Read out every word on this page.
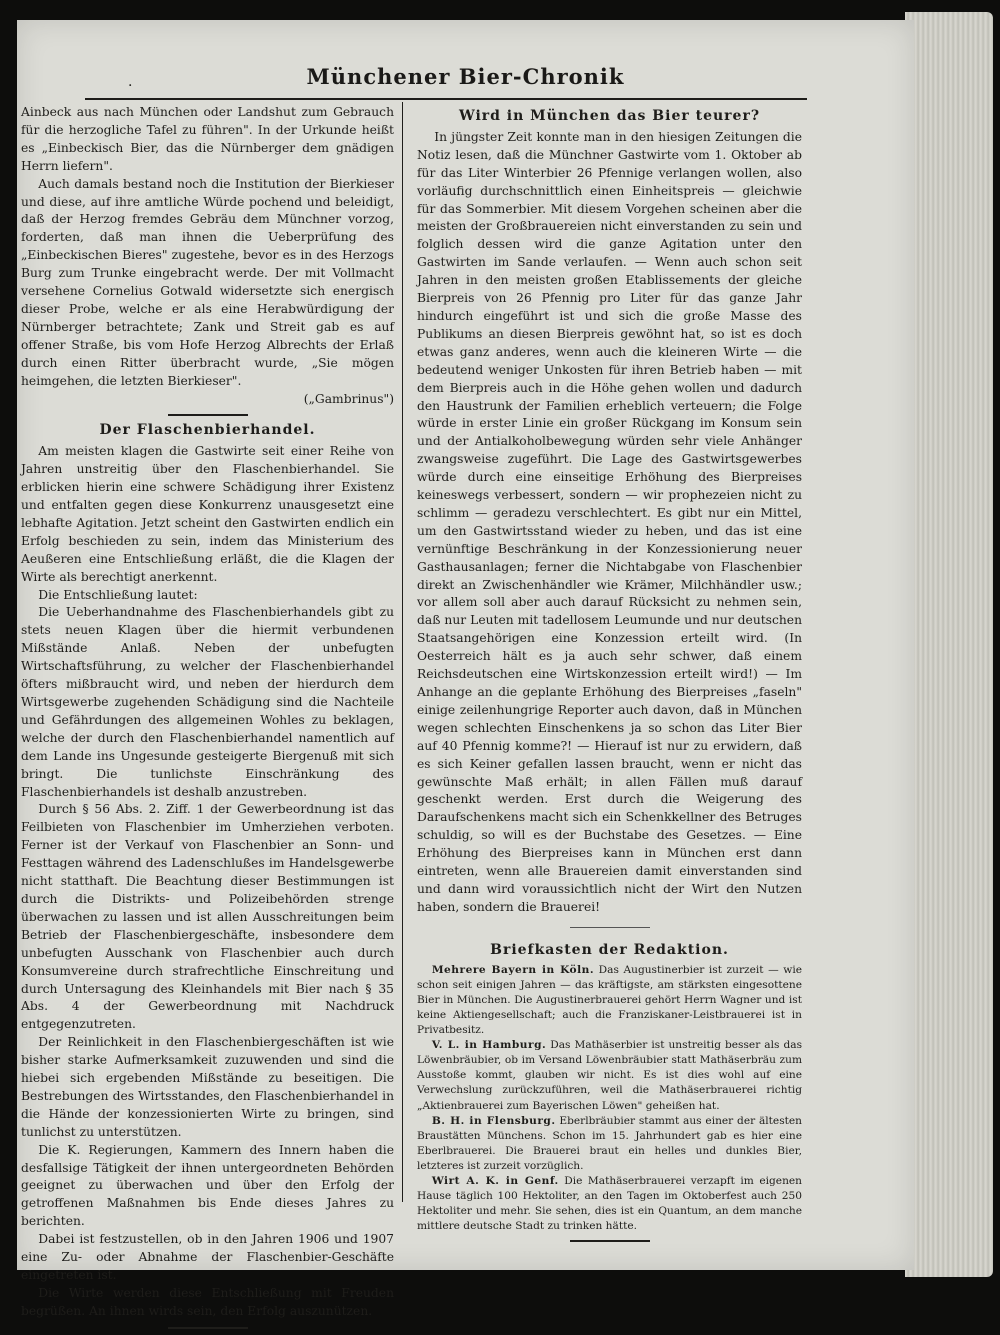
·	Münchener Bier-Chronik

Ainbeck aus nach München oder Landshut zum Gebrauch für die herzogliche Tafel zu führen". In der Urkunde heißt es „Einbeckisch Bier, das die Nürnberger dem gnädigen Herrn liefern".

Auch damals bestand noch die Institution der Bierkieser und diese, auf ihre amtliche Würde pochend und beleidigt, daß der Herzog fremdes Gebräu dem Münchner vorzog, forderten, daß man ihnen die Ueberprüfung des „Einbeckischen Bieres" zugestehe, bevor es in des Herzogs Burg zum Trunke eingebracht werde. Der mit Vollmacht versehene Cornelius Gotwald widersetzte sich energisch dieser Probe, welche er als eine Herabwürdigung der Nürnberger betrachtete; Zank und Streit gab es auf offener Straße, bis vom Hofe Herzog Albrechts der Erlaß durch einen Ritter überbracht wurde, „Sie mögen heimgehen, die letzten Bierkieser".

(„Gambrinus")

Der Flaschenbierhandel.

Am meisten klagen die Gastwirte seit einer Reihe von Jahren unstreitig über den Flaschenbierhandel. Sie erblicken hierin eine schwere Schädigung ihrer Existenz und entfalten gegen diese Konkurrenz unausgesetzt eine lebhafte Agitation. Jetzt scheint den Gastwirten endlich ein Erfolg beschieden zu sein, indem das Ministerium des Aeußeren eine Entschließung erläßt, die die Klagen der Wirte als berechtigt anerkennt.

Die Entschließung lautet:

Die Ueberhandnahme des Flaschenbierhandels gibt zu stets neuen Klagen über die hiermit verbundenen Mißstände Anlaß. Neben der unbefugten Wirtschaftsführung, zu welcher der Flaschenbierhandel öfters mißbraucht wird, und neben der hierdurch dem Wirtsgewerbe zugehenden Schädigung sind die Nachteile und Gefährdungen des allgemeinen Wohles zu beklagen, welche der durch den Flaschenbierhandel namentlich auf dem Lande ins Ungesunde gesteigerte Biergenuß mit sich bringt. Die tunlichste Einschränkung des Flaschenbierhandels ist deshalb anzustreben.

Durch § 56 Abs. 2. Ziff. 1 der Gewerbeordnung ist das Feilbieten von Flaschenbier im Umherziehen verboten. Ferner ist der Verkauf von Flaschenbier an Sonn- und Festtagen während des Ladenschlußes im Handelsgewerbe nicht statthaft. Die Beachtung dieser Bestimmungen ist durch die Distrikts- und Polizeibehörden strenge überwachen zu lassen und ist allen Ausschreitungen beim Betrieb der Flaschenbiergeschäfte, insbesondere dem unbefugten Ausschank von Flaschenbier auch durch Konsumvereine durch strafrechtliche Einschreitung und durch Untersagung des Kleinhandels mit Bier nach § 35 Abs. 4 der Gewerbeordnung mit Nachdruck entgegenzutreten.

Der Reinlichkeit in den Flaschenbiergeschäften ist wie bisher starke Aufmerksamkeit zuzuwenden und sind die hiebei sich ergebenden Mißstände zu beseitigen. Die Bestrebungen des Wirtsstandes, den Flaschenbierhandel in die Hände der konzessionierten Wirte zu bringen, sind tunlichst zu unterstützen.

Die K. Regierungen, Kammern des Innern haben die desfallsige Tätigkeit der ihnen untergeordneten Behörden geeignet zu überwachen und über den Erfolg der getroffenen Maßnahmen bis Ende dieses Jahres zu berichten.

Dabei ist festzustellen, ob in den Jahren 1906 und 1907 eine Zu- oder Abnahme der Flaschenbier-Geschäfte eingetreten ist.

Die Wirte werden diese Entschließung mit Freuden begrüßen. An ihnen wirds sein, den Erfolg auszunützen.

Wird in München das Bier teurer?

In jüngster Zeit konnte man in den hiesigen Zeitungen die Notiz lesen, daß die Münchner Gastwirte vom 1. Oktober ab für das Liter Winterbier 26 Pfennige verlangen wollen, also vorläufig durchschnittlich einen Einheitspreis — gleichwie für das Sommerbier. Mit diesem Vorgehen scheinen aber die meisten der Großbrauereien nicht einverstanden zu sein und folglich dessen wird die ganze Agitation unter den Gastwirten im Sande verlaufen. — Wenn auch schon seit Jahren in den meisten großen Etablissements der gleiche Bierpreis von 26 Pfennig pro Liter für das ganze Jahr hindurch eingeführt ist und sich die große Masse des Publikums an diesen Bierpreis gewöhnt hat, so ist es doch etwas ganz anderes, wenn auch die kleineren Wirte — die bedeutend weniger Unkosten für ihren Betrieb haben — mit dem Bierpreis auch in die Höhe gehen wollen und dadurch den Haustrunk der Familien erheblich verteuern; die Folge würde in erster Linie ein großer Rückgang im Konsum sein und der Antialkoholbewegung würden sehr viele Anhänger zwangsweise zugeführt. Die Lage des Gastwirtsgewerbes würde durch eine einseitige Erhöhung des Bierpreises keineswegs verbessert, sondern — wir prophezeien nicht zu schlimm — geradezu verschlechtert. Es gibt nur ein Mittel, um den Gastwirtsstand wieder zu heben, und das ist eine vernünftige Beschränkung in der Konzessionierung neuer Gasthausanlagen; ferner die Nichtabgabe von Flaschenbier direkt an Zwischenhändler wie Krämer, Milchhändler usw.; vor allem soll aber auch darauf Rücksicht zu nehmen sein, daß nur Leuten mit tadellosem Leumunde und nur deutschen Staatsangehörigen eine Konzession erteilt wird. (In Oesterreich hält es ja auch sehr schwer, daß einem Reichsdeutschen eine Wirtskonzession erteilt wird!) — Im Anhange an die geplante Erhöhung des Bierpreises „faseln" einige zeilenhungrige Reporter auch davon, daß in München wegen schlechten Einschenkens ja so schon das Liter Bier auf 40 Pfennig komme?! — Hierauf ist nur zu erwidern, daß es sich Keiner gefallen lassen braucht, wenn er nicht das gewünschte Maß erhält; in allen Fällen muß darauf geschenkt werden. Erst durch die Weigerung des Daraufschenkens macht sich ein Schenkkellner des Betruges schuldig, so will es der Buchstabe des Gesetzes. — Eine Erhöhung des Bierpreises kann in München erst dann eintreten, wenn alle Brauereien damit einverstanden sind und dann wird voraussichtlich nicht der Wirt den Nutzen haben, sondern die Brauerei!

Briefkasten der Redaktion.

Mehrere Bayern in Köln. Das Augustinerbier ist zurzeit — wie schon seit einigen Jahren — das kräftigste, am stärksten eingesottene Bier in München. Die Augustinerbrauerei gehört Herrn Wagner und ist keine Aktiengesellschaft; auch die Franziskaner-Leistbrauerei ist in Privatbesitz.

V. L. in Hamburg. Das Mathäserbier ist unstreitig besser als das Löwenbräubier, ob im Versand Löwenbräubier statt Mathäserbräu zum Ausstoße kommt, glauben wir nicht. Es ist dies wohl auf eine Verwechslung zurückzuführen, weil die Mathäserbrauerei richtig „Aktienbrauerei zum Bayerischen Löwen" geheißen hat.

B. H. in Flensburg. Eberlbräubier stammt aus einer der ältesten Braustätten Münchens. Schon im 15. Jahrhundert gab es hier eine Eberlbrauerei. Die Brauerei braut ein helles und dunkles Bier, letzteres ist zurzeit vorzüglich.

Wirt A. K. in Genf. Die Mathäserbrauerei verzapft im eigenen Hause täglich 100 Hektoliter, an den Tagen im Oktoberfest auch 250 Hektoliter und mehr. Sie sehen, dies ist ein Quantum, an dem manche mittlere deutsche Stadt zu trinken hätte.
